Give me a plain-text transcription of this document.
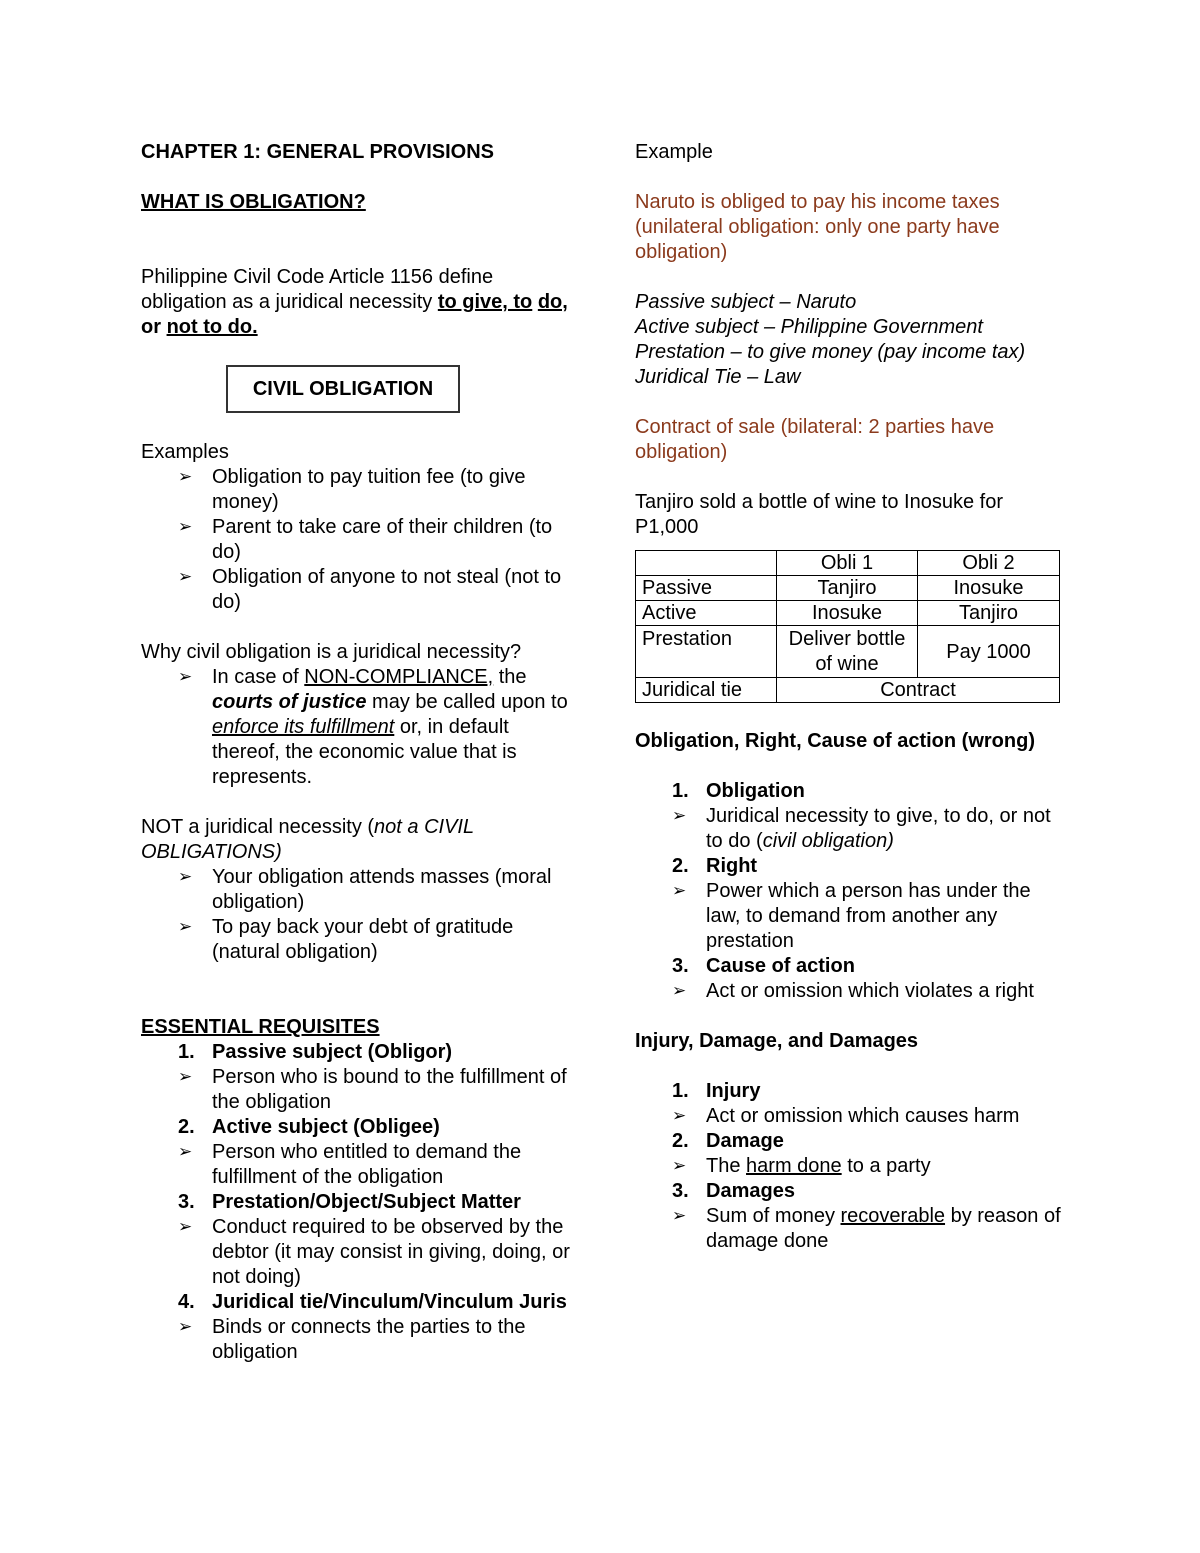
CHAPTER 1: GENERAL PROVISIONS

WHAT IS OBLIGATION?

Philippine Civil Code Article 1156 define obligation as a juridical necessity to give, to do, or not to do.

CIVIL OBLIGATION

Examples

➢ Obligation to pay tuition fee (to give money)
➢ Parent to take care of their children (to do)
➢ Obligation of anyone to not steal (not to do)

Why civil obligation is a juridical necessity?

➢ In case of NON-COMPLIANCE, the courts of justice may be called upon to enforce its fulfillment or, in default thereof, the economic value that is represents.

NOT a juridical necessity (not a CIVIL OBLIGATIONS)

➢ Your obligation attends masses (moral obligation)
➢ To pay back your debt of gratitude (natural obligation)

ESSENTIAL REQUISITES

1. Passive subject (Obligor)

➢ Person who is bound to the fulfillment of the obligation

2. Active subject (Obligee)

➢ Person who entitled to demand the fulfillment of the obligation

3. Prestation/Object/Subject Matter

➢ Conduct required to be observed by the debtor (it may consist in giving, doing, or not doing)

4. Juridical tie/Vinculum/Vinculum Juris

➢ Binds or connects the parties to the obligation

Example

Naruto is obliged to pay his income taxes (unilateral obligation: only one party have obligation)

Passive subject – Naruto

Active subject – Philippine Government

Prestation – to give money (pay income tax)

Juridical Tie – Law

Contract of sale (bilateral: 2 parties have obligation)

Tanjiro sold a bottle of wine to Inosuke for P1,000

	Obli 1	Obli 2
Passive	Tanjiro	Inosuke
Active	Inosuke	Tanjiro
Prestation	Deliver bottle of wine	Pay 1000
Juridical tie	Contract	

Obligation, Right, Cause of action (wrong)

1. Obligation

➢ Juridical necessity to give, to do, or not to do (civil obligation)

2. Right

➢ Power which a person has under the law, to demand from another any prestation

3. Cause of action

➢ Act or omission which violates a right

Injury, Damage, and Damages

1. Injury

➢ Act or omission which causes harm

2. Damage

➢ The harm done to a party

3. Damages

➢ Sum of money recoverable by reason of damage done
